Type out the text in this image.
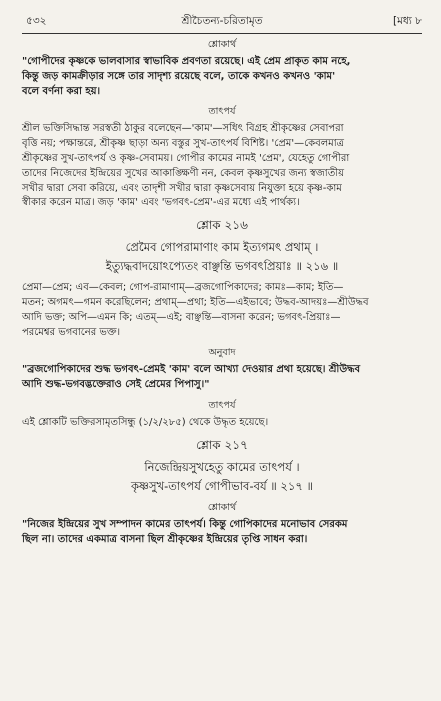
৫৩২	শ্রীচৈতন্য-চরিতামৃত	[মধ্য ৮
শ্লোকার্থ

"গোপীদের কৃষ্ণকে ভালবাসার স্বাভাবিক প্রবণতা রয়েছে। এই প্রেম প্রাকৃত কাম নহে,

কিন্তু জড় কামক্রীড়ার সঙ্গে তার সাদৃশ্য রয়েছে বলে, তাকে কখনও কখনও 'কাম'

বলে বর্ণনা করা হয়।

তাৎপর্য

শ্রীল ভক্তিসিদ্ধান্ত সরস্বতী ঠাকুর বলেছেন—'কাম'—সধিৎ বিগ্রহ শ্রীকৃষ্ণের সেবাপরা

বৃত্তি নয়; পক্ষান্তরে, শ্রীকৃষ্ণ ছাড়া অন্য বস্তুর সুখ-তাৎপর্য বিশিষ্ট। 'প্রেম'—কেবলমাত্র

শ্রীকৃষ্ণের সুখ-তাৎপর্য ও কৃষ্ণ-সেবাময়। গোপীর কামের নামই 'প্রেম', যেহেতু গোপীরা

তাদের নিজেদের ইন্দ্রিয়ের সুখের আকাঙ্ক্ষিণী নন, কেবল কৃষ্ণসুখের জন্য স্বজাতীয়

সখীর দ্বারা সেবা করিয়ে, এবং তাদৃশী সখীর দ্বারা কৃষ্ণসেবায় নিযুক্তা হয়ে কৃষ্ণ-কাম

স্বীকার করেন মাত্র। জড় 'কাম' এবং 'ভগবৎ-প্রেম'-এর মধ্যে এই পার্থক্য।

শ্লোক ২১৬

প্রেমৈব গোপরামাণাং কাম ইত্যগমৎ প্রথাম্ ।

ইত্যুদ্ধবাদয়োঽপ্যেতং বাঞ্ছন্তি ভগবৎপ্রিয়াঃ ॥ ২১৬ ॥

প্রেমা—প্রেম; এব—কেবল; গোপ-রামাণাম্—ব্রজগোপিকাদের; কামঃ—কাম; ইতি—

মতন; অগমৎ—গমন করেছিলেন; প্রথাম্—প্রথা; ইতি—এইভাবে; উদ্ধব-আদয়ঃ—শ্রীউদ্ধব

আদি ভক্ত; অপি—এমন কি; এতম্—এই; বাঞ্ছন্তি—বাসনা করেন; ভগবৎ-প্রিয়াঃ—

পরমেশ্বর ভগবানের ভক্ত।

অনুবাদ

"ব্রজগোপিকাদের শুদ্ধ ভগবৎ-প্রেমই 'কাম' বলে আখ্যা দেওয়ার প্রথা হয়েছে। শ্রীউদ্ধব

আদি শুদ্ধ-ভগবদ্ভক্তেরাও সেই প্রেমের পিপাসু।"

তাৎপর্য

এই শ্লোকটি ভক্তিরসামৃতসিন্ধু (১/২/২৮৫) থেকে উদ্ধৃত হয়েছে।

শ্লোক ২১৭

নিজেন্দ্রিয়সুখহেতু কামের তাৎপর্য ।

কৃষ্ণসুখ-তাৎপর্য গোপীভাব-বর্য ॥ ২১৭ ॥

শ্লোকার্থ

"নিজের ইন্দ্রিয়ের সুখ সম্পাদন কামের তাৎপর্য। কিন্তু গোপিকাদের মনোভাব সেরকম

ছিল না। তাদের একমাত্র বাসনা ছিল শ্রীকৃষ্ণের ইন্দ্রিয়ের তৃপ্তি সাধন করা।
